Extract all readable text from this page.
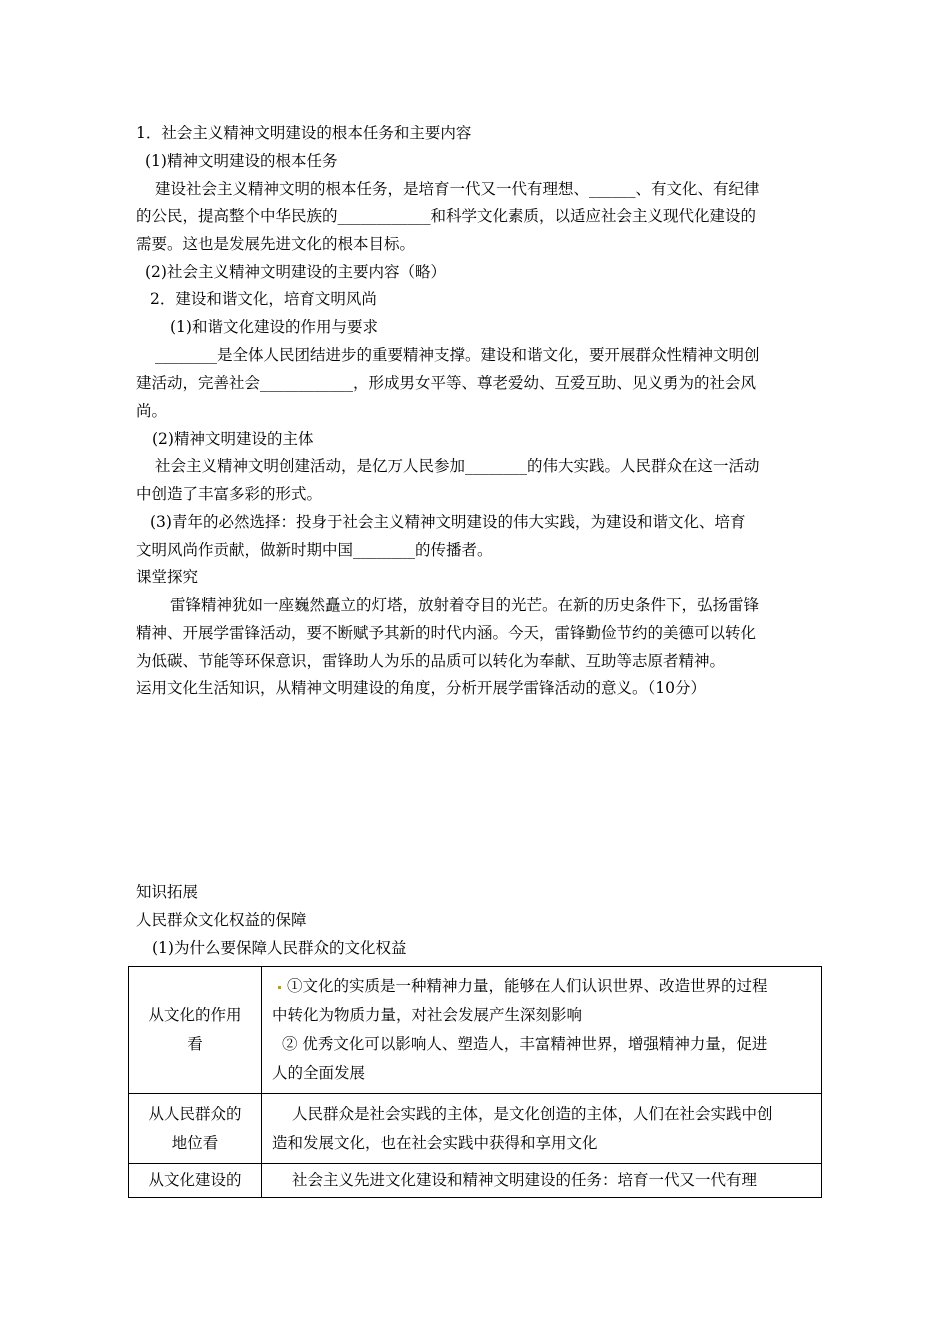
1．社会主义精神文明建设的根本任务和主要内容
(1)精神文明建设的根本任务
建设社会主义精神文明的根本任务，是培育一代又一代有理想、______、有文化、有纪律
的公民，提高整个中华民族的____________和科学文化素质，以适应社会主义现代化建设的
需要。这也是发展先进文化的根本目标。
(2)社会主义精神文明建设的主要内容（略）
2．建设和谐文化，培育文明风尚
(1)和谐文化建设的作用与要求
________是全体人民团结进步的重要精神支撑。建设和谐文化，要开展群众性精神文明创
建活动，完善社会____________，形成男女平等、尊老爱幼、互爱互助、见义勇为的社会风
尚。
(2)精神文明建设的主体
社会主义精神文明创建活动，是亿万人民参加________的伟大实践。人民群众在这一活动
中创造了丰富多彩的形式。
(3)青年的必然选择：投身于社会主义精神文明建设的伟大实践，为建设和谐文化、培育
文明风尚作贡献，做新时期中国________的传播者。
课堂探究
雷锋精神犹如一座巍然矗立的灯塔，放射着夺目的光芒。在新的历史条件下，弘扬雷锋
精神、开展学雷锋活动，要不断赋予其新的时代内涵。今天，雷锋勤俭节约的美德可以转化
为低碳、节能等环保意识，雷锋助人为乐的品质可以转化为奉献、互助等志原者精神。
运用文化生活知识，从精神文明建设的角度，分析开展学雷锋活动的意义。（10分）
知识拓展
人民群众文化权益的保障
(1)为什么要保障人民群众的文化权益
从文化的作用看	①文化的实质是一种精神力量，能够在人们认识世界、改造世界的过程
中转化为物质力量，对社会发展产生深刻影响
② 优秀文化可以影响人、塑造人，丰富精神世界，增强精神力量，促进
人的全面发展

从人民群众的地位看	人民群众是社会实践的主体，是文化创造的主体，人们在社会实践中创
造和发展文化，也在社会实践中获得和享用文化

从文化建设的	社会主义先进文化建设和精神文明建设的任务：培育一代又一代有理
